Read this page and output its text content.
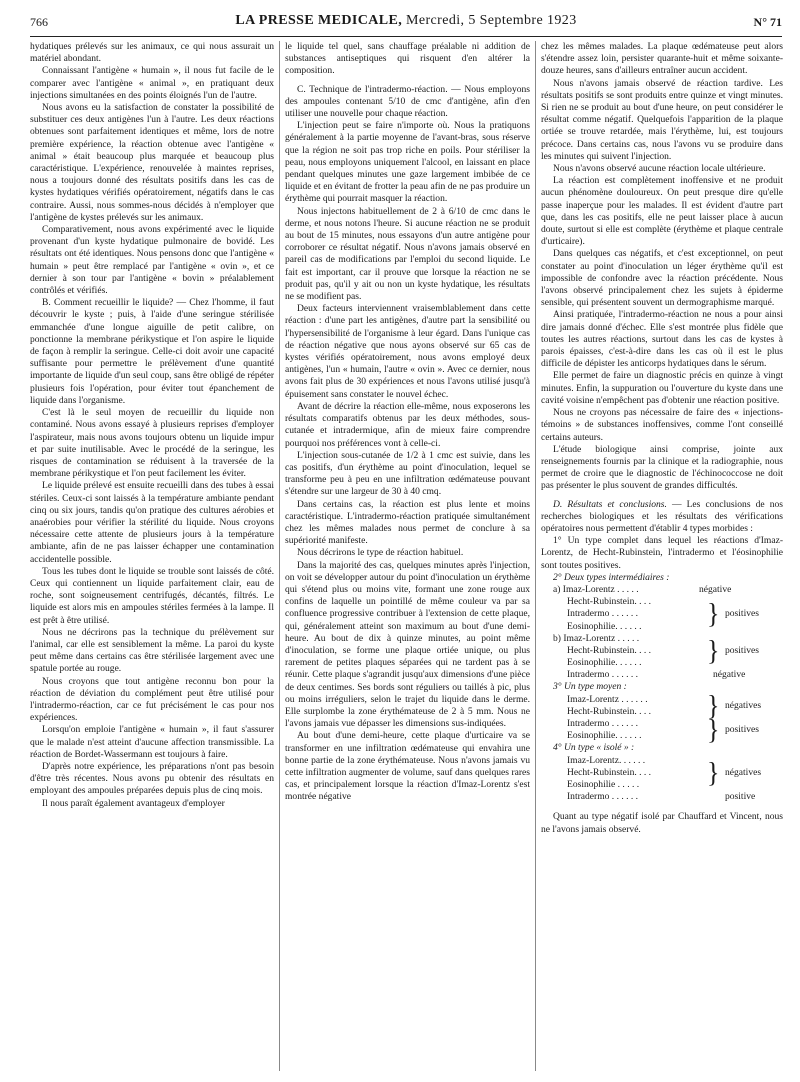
766	LA PRESSE MEDICALE, Mercredi, 5 Septembre 1923	N° 71

hydatiques prélevés sur les animaux, ce qui nous assurait un matériel abondant.

Connaissant l'antigène « humain », il nous fut facile de le comparer avec l'antigène « animal », en pratiquant deux injections simultanées en des points éloignés l'un de l'autre.

Nous avons eu la satisfaction de constater la possibilité de substituer ces deux antigènes l'un à l'autre. Les deux réactions obtenues sont parfaitement identiques et même, lors de notre première expérience, la réaction obtenue avec l'antigène « animal » était beaucoup plus marquée et beaucoup plus caractéristique. L'expérience, renouvelée à maintes reprises, nous a toujours donné des résultats positifs dans les cas de kystes hydatiques vérifiés opératoirement, négatifs dans le cas contraire. Aussi, nous sommes-nous décidés à n'employer que l'antigène de kystes prélevés sur les animaux.

Comparativement, nous avons expérimenté avec le liquide provenant d'un kyste hydatique pulmonaire de bovidé. Les résultats ont été identiques. Nous pensons donc que l'antigène « humain » peut être remplacé par l'antigène « ovin », et ce dernier à son tour par l'antigène « bovin » préalablement contrôlés et vérifiés.

B. Comment recueillir le liquide? — Chez l'homme, il faut découvrir le kyste ; puis, à l'aide d'une seringue stérilisée emmanchée d'une longue aiguille de petit calibre, on ponctionne la membrane périkystique et l'on aspire le liquide de façon à remplir la seringue. Celle-ci doit avoir une capacité suffisante pour permettre le prélèvement d'une quantité importante de liquide d'un seul coup, sans être obligé de répéter plusieurs fois l'opération, pour éviter tout épanchement de liquide dans l'organisme.

C'est là le seul moyen de recueillir du liquide non contaminé. Nous avons essayé à plusieurs reprises d'employer l'aspirateur, mais nous avons toujours obtenu un liquide impur et par suite inutilisable. Avec le procédé de la seringue, les risques de contamination se réduisent à la traversée de la membrane périkystique et l'on peut facilement les éviter.

Le liquide prélevé est ensuite recueilli dans des tubes à essai stériles. Ceux-ci sont laissés à la température ambiante pendant cinq ou six jours, tandis qu'on pratique des cultures aérobies et anaérobies pour vérifier la stérilité du liquide. Nous croyons nécessaire cette attente de plusieurs jours à la température ambiante, afin de ne pas laisser échapper une contamination accidentelle possible.

Tous les tubes dont le liquide se trouble sont laissés de côté. Ceux qui contiennent un liquide parfaitement clair, eau de roche, sont soigneusement centrifugés, décantés, filtrés. Le liquide est alors mis en ampoules stériles fermées à la lampe. Il est prêt à être utilisé.

Nous ne décrirons pas la technique du prélèvement sur l'animal, car elle est sensiblement la même. La paroi du kyste peut même dans certains cas être stérilisée largement avec une spatule portée au rouge.

Nous croyons que tout antigène reconnu bon pour la réaction de déviation du complément peut être utilisé pour l'intradermo-réaction, car ce fut précisément le cas pour nos expériences.

Lorsqu'on emploie l'antigène « humain », il faut s'assurer que le malade n'est atteint d'aucune affection transmissible. La réaction de Bordet-Wassermann est toujours à faire.

D'après notre expérience, les préparations n'ont pas besoin d'être très récentes. Nous avons pu obtenir des résultats en employant des ampoules préparées depuis plus de cinq mois.

Il nous paraît également avantageux d'employer

le liquide tel quel, sans chauffage préalable ni addition de substances antiseptiques qui risquent d'en altérer la composition.

C. Technique de l'intradermo-réaction. — Nous employons des ampoules contenant 5/10 de cmc d'antigène, afin d'en utiliser une nouvelle pour chaque réaction.

L'injection peut se faire n'importe où. Nous la pratiquons généralement à la partie moyenne de l'avant-bras, sous réserve que la région ne soit pas trop riche en poils. Pour stériliser la peau, nous employons uniquement l'alcool, en laissant en place pendant quelques minutes une gaze largement imbibée de ce liquide et en évitant de frotter la peau afin de ne pas produire un érythème qui pourrait masquer la réaction.

Nous injectons habituellement de 2 à 6/10 de cmc dans le derme, et nous notons l'heure. Si aucune réaction ne se produit au bout de 15 minutes, nous essayons d'un autre antigène pour corroborer ce résultat négatif. Nous n'avons jamais observé en pareil cas de modifications par l'emploi du second liquide. Le fait est important, car il prouve que lorsque la réaction ne se produit pas, qu'il y ait ou non un kyste hydatique, les résultats ne se modifient pas.

Deux facteurs interviennent vraisemblablement dans cette réaction : d'une part les antigènes, d'autre part la sensibilité ou l'hypersensibilité de l'organisme à leur égard. Dans l'unique cas de réaction négative que nous ayons observé sur 65 cas de kystes vérifiés opératoirement, nous avons employé deux antigènes, l'un « humain, l'autre « ovin ». Avec ce dernier, nous avons fait plus de 30 expériences et nous l'avons utilisé jusqu'à épuisement sans constater le nouvel échec.

Avant de décrire la réaction elle-même, nous exposerons les résultats comparatifs obtenus par les deux méthodes, sous-cutanée et intradermique, afin de mieux faire comprendre pourquoi nos préférences vont à celle-ci.

L'injection sous-cutanée de 1/2 à 1 cmc est suivie, dans les cas positifs, d'un érythème au point d'inoculation, lequel se transforme peu à peu en une infiltration œdémateuse pouvant s'étendre sur une largeur de 30 à 40 cmq.

Dans certains cas, la réaction est plus lente et moins caractéristique. L'intradermo-réaction pratiquée simultanément chez les mêmes malades nous permet de conclure à sa supériorité manifeste.

Nous décrirons le type de réaction habituel.

Dans la majorité des cas, quelques minutes après l'injection, on voit se développer autour du point d'inoculation un érythème qui s'étend plus ou moins vite, formant une zone rouge aux confins de laquelle un pointillé de même couleur va par sa confluence progressive contribuer à l'extension de cette plaque, qui, généralement atteint son maximum au bout d'une demi-heure. Au bout de dix à quinze minutes, au point même d'inoculation, se forme une plaque ortiée unique, ou plus rarement de petites plaques séparées qui ne tardent pas à se réunir. Cette plaque s'agrandit jusqu'aux dimensions d'une pièce de deux centimes. Ses bords sont réguliers ou taillés à pic, plus ou moins irréguliers, selon le trajet du liquide dans le derme. Elle surplombe la zone érythémateuse de 2 à 5 mm. Nous ne l'avons jamais vue dépasser les dimensions sus-indiquées.

Au bout d'une demi-heure, cette plaque d'urticaire va se transformer en une infiltration œdémateuse qui envahira une bonne partie de la zone érythémateuse. Nous n'avons jamais vu cette infiltration augmenter de volume, sauf dans quelques rares cas, et principalement lorsque la réaction d'Imaz-Lorentz s'est montrée négative

chez les mêmes malades. La plaque œdémateuse peut alors s'étendre assez loin, persister quarante-huit et même soixante-douze heures, sans d'ailleurs entraîner aucun accident.

Nous n'avons jamais observé de réaction tardive. Les résultats positifs se sont produits entre quinze et vingt minutes. Si rien ne se produit au bout d'une heure, on peut considérer le résultat comme négatif. Quelquefois l'apparition de la plaque ortiée se trouve retardée, mais l'érythème, lui, est toujours précoce. Dans certains cas, nous l'avons vu se produire dans les minutes qui suivent l'injection.

Nous n'avons observé aucune réaction locale ultérieure.

La réaction est complètement inoffensive et ne produit aucun phénomène douloureux. On peut presque dire qu'elle passe inaperçue pour les malades. Il est évident d'autre part que, dans les cas positifs, elle ne peut laisser place à aucun doute, surtout si elle est complète (érythème et plaque centrale d'urticaire).

Dans quelques cas négatifs, et c'est exceptionnel, on peut constater au point d'inoculation un léger érythème qu'il est impossible de confondre avec la réaction précédente. Nous l'avons observé principalement chez les sujets à épiderme sensible, qui présentent souvent un dermographisme marqué.

Ainsi pratiquée, l'intradermo-réaction ne nous a pour ainsi dire jamais donné d'échec. Elle s'est montrée plus fidèle que toutes les autres réactions, surtout dans les cas de kystes à parois épaisses, c'est-à-dire dans les cas où il est le plus difficile de dépister les anticorps hydatiques dans le sérum.

Elle permet de faire un diagnostic précis en quinze à vingt minutes. Enfin, la suppuration ou l'ouverture du kyste dans une cavité voisine n'empêchent pas d'obtenir une réaction positive.

Nous ne croyons pas nécessaire de faire des « injections-témoins » de substances inoffensives, comme l'ont conseillé certains auteurs.

L'étude biologique ainsi comprise, jointe aux renseignements fournis par la clinique et la radiographie, nous permet de croire que le diagnostic de l'échinococcose ne doit pas présenter le plus souvent de grandes difficultés.

D. Résultats et conclusions. — Les conclusions de nos recherches biologiques et les résultats des vérifications opératoires nous permettent d'établir 4 types morbides :

1° Un type complet dans lequel les réactions d'Imaz-Lorentz, de Hecht-Rubinstein, l'intradermo et l'éosinophilie sont toutes positives.

2° Deux types intermédiaires :

a) Imaz-Lorentz . . . . .	négative
Hecht-Rubinstein. . . .
Intradermo . . . . . .
Eosinophilie. . . . . .	} positives
b) Imaz-Lorentz . . . . .
Hecht-Rubinstein. . . .
Eosinophilie. . . . . .	} positives
Intradermo . . . . . .	négative

3° Un type moyen :

Imaz-Lorentz . . . . . .
Hecht-Rubinstein. . . .	} négatives
Intradermo . . . . . .
Eosinophilie. . . . . .	} positives

4° Un type « isolé » :

Imaz-Lorentz. . . . . .
Hecht-Rubinstein. . . .
Eosinophilie . . . . .	} négatives
Intradermo . . . . . .	positive

Quant au type négatif isolé par Chauffard et Vincent, nous ne l'avons jamais observé.
